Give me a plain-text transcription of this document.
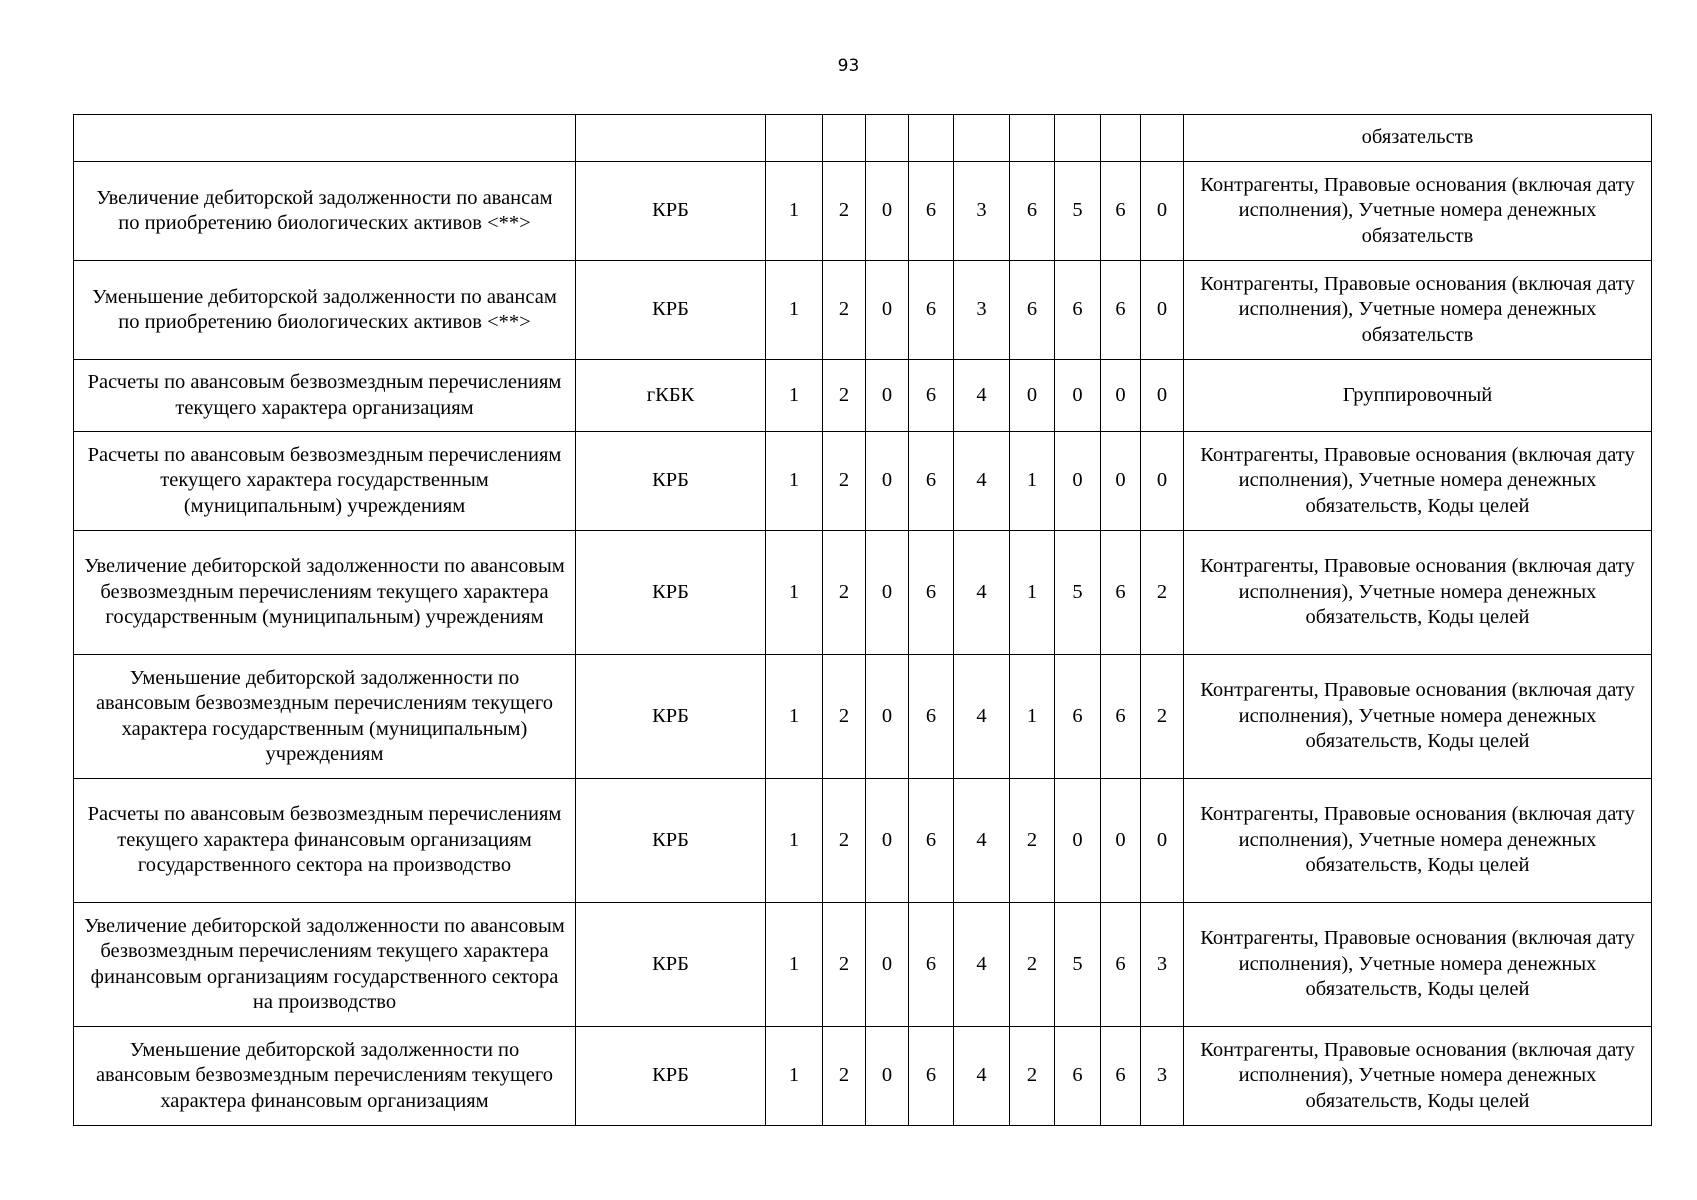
93
											обязательств
Увеличение дебиторской задолженности по авансам по приобретению биологических активов <**>	КРБ	1	2	0	6	3	6	5	6	0	Контрагенты, Правовые основания (включая дату исполнения), Учетные номера денежных обязательств
Уменьшение дебиторской задолженности по авансам по приобретению биологических активов <**>	КРБ	1	2	0	6	3	6	6	6	0	Контрагенты, Правовые основания (включая дату исполнения), Учетные номера денежных обязательств
Расчеты по авансовым безвозмездным перечислениям текущего характера организациям	гКБК	1	2	0	6	4	0	0	0	0	Группировочный
Расчеты по авансовым безвозмездным перечислениям текущего характера государственным (муниципальным) учреждениям	КРБ	1	2	0	6	4	1	0	0	0	Контрагенты, Правовые основания (включая дату исполнения), Учетные номера денежных обязательств, Коды целей
Увеличение дебиторской задолженности по авансовым безвозмездным перечислениям текущего характера государственным (муниципальным) учреждениям	КРБ	1	2	0	6	4	1	5	6	2	Контрагенты, Правовые основания (включая дату исполнения), Учетные номера денежных обязательств, Коды целей
Уменьшение дебиторской задолженности по авансовым безвозмездным перечислениям текущего характера государственным (муниципальным) учреждениям	КРБ	1	2	0	6	4	1	6	6	2	Контрагенты, Правовые основания (включая дату исполнения), Учетные номера денежных обязательств, Коды целей
Расчеты по авансовым безвозмездным перечислениям текущего характера финансовым организациям государственного сектора на производство	КРБ	1	2	0	6	4	2	0	0	0	Контрагенты, Правовые основания (включая дату исполнения), Учетные номера денежных обязательств, Коды целей
Увеличение дебиторской задолженности по авансовым безвозмездным перечислениям текущего характера финансовым организациям государственного сектора на производство	КРБ	1	2	0	6	4	2	5	6	3	Контрагенты, Правовые основания (включая дату исполнения), Учетные номера денежных обязательств, Коды целей
Уменьшение дебиторской задолженности по авансовым безвозмездным перечислениям текущего характера финансовым организациям	КРБ	1	2	0	6	4	2	6	6	3	Контрагенты, Правовые основания (включая дату исполнения), Учетные номера денежных обязательств, Коды целей
